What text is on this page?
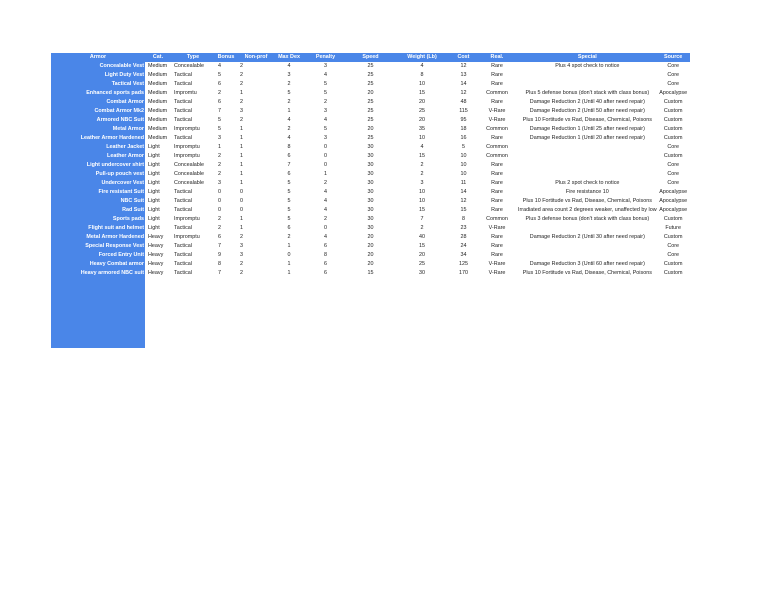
Armor	Cat.	Type	Bonus	Non-prof	Max Dex	Penalty	Speed	Weight (Lb)	Cost	Real.	Special	Source
Concealable Vest	Medium	Concealable	4	2	4	3	25	4	12	Rare	Plus 4 spot check to notice	Core
Light Duty Vest	Medium	Tactical	5	2	3	4	25	8	13	Rare		Core
Tactical Vest	Medium	Tactical	6	2	2	5	25	10	14	Rare		Core
Enhanced sports pads	Medium	Impromtu	2	1	5	5	20	15	12	Common	Plus 5 defense bonus (don't stack with class bonus)	Apocalypse
Combat Armor	Medium	Tactical	6	2	2	2	25	20	48	Rare	Damage Reduction 2 (Until 40 after need repair)	Custom
Combat Armor Mk2	Medium	Tactical	7	3	1	3	25	25	115	V-Rare	Damage Reduction 2 (Until 50 after need repair)	Custom
Armored NBC Suit	Medium	Tactical	5	2	4	4	25	20	95	V-Rare	Plus 10 Fortitude vs Rad, Disease, Chemical, Poisons	Custom
Metal Armor	Medium	Impromptu	5	1	2	5	20	35	18	Common	Damage Reduction 1 (Until 25 after need repair)	Custom
Leather Armor Hardened	Medium	Tactical	3	1	4	3	25	10	16	Rare	Damage Reduction 1 (Until 20 after need repair)	Custom
Leather Jacket	Light	Impromptu	1	1	8	0	30	4	5	Common		Core
Leather Armor	Light	Impromptu	2	1	6	0	30	15	10	Common		Custom
Light undercover shirt	Light	Concealable	2	1	7	0	30	2	10	Rare		Core
Pull-up pouch vest	Light	Concealable	2	1	6	1	30	2	10	Rare		Core
Undercover Vest	Light	Concealable	3	1	5	2	30	3	11	Rare	Plus 2 spot check to notice	Core
Fire resistant Suit	Light	Tactical	0	0	5	4	30	10	14	Rare	Fire resistance 10	Apocalypse
NBC Suit	Light	Tactical	0	0	5	4	30	10	12	Rare	Plus 10 Fortitude vs Rad, Disease, Chemical, Poisons	Apocalypse
Rad Suit	Light	Tactical	0	0	5	4	30	15	15	Rare	Irradiated area count 2 degrees weaker, unaffected by low	Apocalypse
Sports pads	Light	Impromptu	2	1	5	2	30	7	8	Common	Plus 3 defense bonus (don't stack with class bonus)	Custom
Flight suit and helmet	Light	Tactical	2	1	6	0	30	2	23	V-Rare		Future
Metal Armor Hardened	Heavy	Impromptu	6	2	2	4	20	40	28	Rare	Damage Reduction 2 (Until 30 after need repair)	Custom
Special Response Vest	Heavy	Tactical	7	3	1	6	20	15	24	Rare		Core
Forced Entry Unit	Heavy	Tactical	9	3	0	8	20	20	34	Rare		Core
Heavy Combat armor	Heavy	Tactical	8	2	1	6	20	25	125	V-Rare	Damage Reduction 3 (Until 60 after need repair)	Custom
Heavy armored NBC suit	Heavy	Tactical	7	2	1	6	15	30	170	V-Rare	Plus 10 Fortitude vs Rad, Disease, Chemical, Poisons	Custom
